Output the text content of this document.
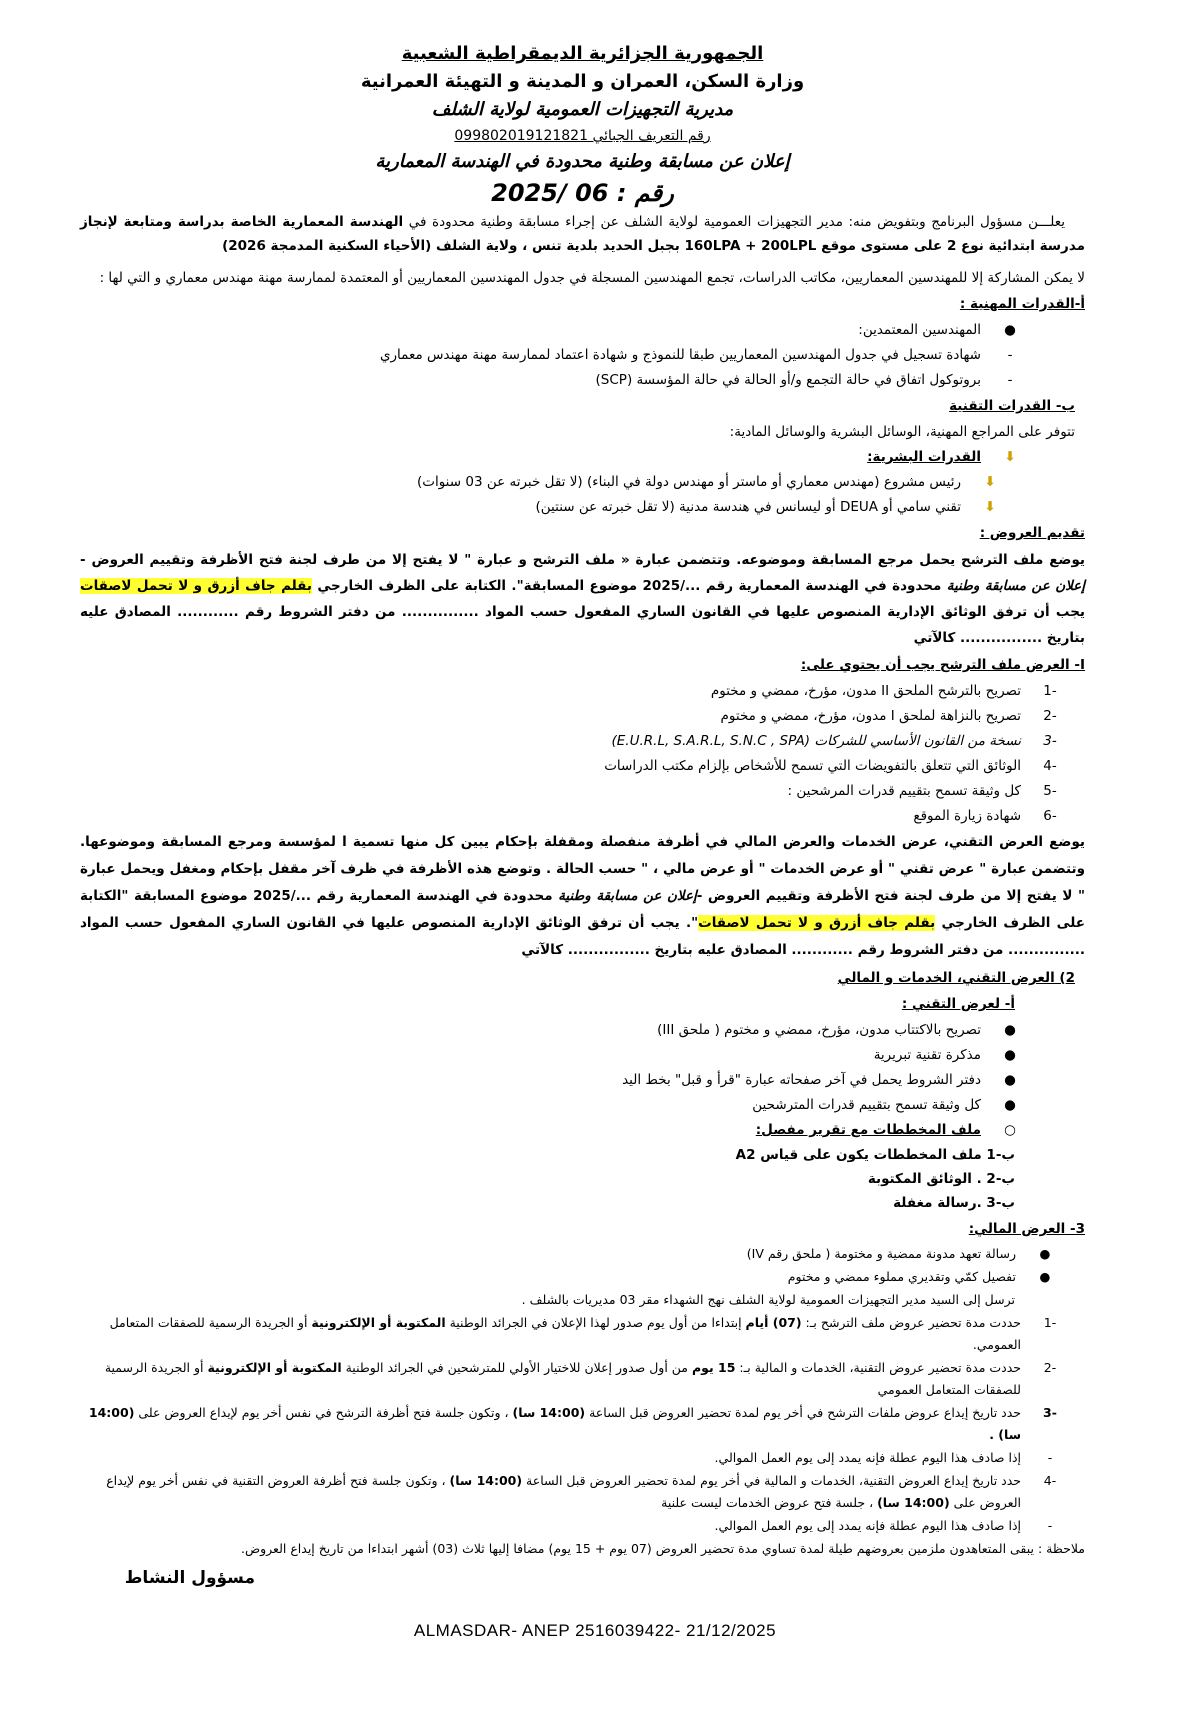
الجمهورية الجزائرية الديمقراطية الشعبية
وزارة السكن، العمران و المدينة و التهيئة العمرانية
مديرية التجهيزات العمومية لولاية الشلف
رقم التعريف الجبائي 099802019121821
إعلان عن مسابقة وطنية محدودة في الهندسة المعمارية
رقم : 06 /2025
يعلـــن مسؤول البرنامج وبتفويض منه: مدير التجهيزات العمومية لولاية الشلف عن إجراء مسابقة وطنية محدودة في الهندسة المعمارية الخاصة بدراسة ومتابعة لإنجاز مدرسة ابتدائية نوع 2 على مستوى موقع 160LPA + 200LPL بجبل الحديد بلدية تنس ، ولاية الشلف (الأحياء السكنية المدمجة 2026)
لا يمكن المشاركة إلا للمهندسين المعماريين، مكاتب الدراسات، تجمع المهندسين المسجلة في جدول المهندسين المعماريين أو المعتمدة لممارسة مهنة مهندس معماري و التي لها :
أ-القدرات المهنية :
●
المهندسين المعتمدين:
-
شهادة تسجيل في جدول المهندسين المعماريين طبقا للنموذج و شهادة اعتماد لممارسة مهنة مهندس معماري
-
بروتوكول اتفاق في حالة التجمع و/أو الحالة في حالة المؤسسة (SCP)
ب- القدرات التقنية
تتوفر على المراجع المهنية، الوسائل البشرية والوسائل المادية:
⬇
القدرات البشرية:
⬇
رئيس مشروع (مهندس معماري أو ماستر أو مهندس دولة في البناء) (لا تقل خبرته عن 03 سنوات)
⬇
تقني سامي أو DEUA أو ليسانس في هندسة مدنية (لا تقل خبرته عن سنتين)
تقديم العروض :
يوضع ملف الترشح يحمل مرجع المسابقة وموضوعه. وتتضمن عبارة « ملف الترشح و عبارة " لا يفتح إلا من طرف لجنة فتح الأظرفة وتقييم العروض - إعلان عن مسابقة وطنية محدودة في الهندسة المعمارية رقم .../2025 موضوع المسابقة". الكتابة على الظرف الخارجي بقلم جاف أزرق و لا تحمل لاصقات يجب أن ترفق الوثائق الإدارية المنصوص عليها في القانون الساري المفعول حسب المواد ............... من دفتر الشروط رقم ............ المصادق عليه بتاريخ ................ كالآتي
I- العرض ملف الترشح يجب أن يحتوي على:
-1
تصريح بالترشح الملحق II مدون، مؤرخ، ممضي و مختوم
-2
تصريح بالنزاهة لملحق I مدون، مؤرخ، ممضي و مختوم
-3
نسخة من القانون الأساسي للشركات (E.U.R.L, S.A.R.L, S.N.C , SPA)
-4
الوثائق التي تتعلق بالتفويضات التي تسمح للأشخاص بإلزام مكتب الدراسات
-5
كل وثيقة تسمح بتقييم قدرات المرشحين :
-6
شهادة زيارة الموقع
يوضع العرض التقني، عرض الخدمات والعرض المالي في أظرفة منفصلة ومقفلة بإحكام يبين كل منها تسمية ا لمؤسسة ومرجع المسابقة وموضوعها. وتتضمن عبارة " عرض تقني " أو عرض الخدمات " أو عرض مالي ، " حسب الحالة . وتوضع هذه الأظرفة في ظرف آخر مقفل بإحكام ومغفل ويحمل عبارة " لا يفتح إلا من طرف لجنة فتح الأظرفة وتقييم العروض -إعلان عن مسابقة وطنية محدودة في الهندسة المعمارية رقم .../2025 موضوع المسابقة "الكتابة على الظرف الخارجي بقلم جاف أزرق و لا تحمل لاصقات". يجب أن ترفق الوثائق الإدارية المنصوص عليها في القانون الساري المفعول حسب المواد ............... من دفتر الشروط رقم ............ المصادق عليه بتاريخ ................ كالآتي
2) العرض التقني، الخدمات و المالي
أ- لعرض التقني :
●
تصريح بالاكتتاب مدون، مؤرخ، ممضي و مختوم ( ملحق III)
●
مذكرة تقنية تبريرية
●
دفتر الشروط يحمل في آخر صفحاته عبارة "قرأ و قبل" بخط اليد
●
كل وثيقة تسمح بتقييم قدرات المترشحين
○
ملف المخططات مع تقرير مفصل:
ب-1 ملف المخططات يكون على قياس A2
ب-2 . الوثائق المكتوبة
ب-3 .رسالة مغفلة
3- العرض المالي:
●
رسالة تعهد مدونة ممضية و مختومة ( ملحق رقم IV)
●
تفصيل كمّي وتقديري مملوء ممضي و مختوم
ترسل إلى السيد مدير التجهيزات العمومية لولاية الشلف نهج الشهداء مقر 03 مديريات بالشلف .
-1
حددت مدة تحضير عروض ملف الترشح بـ: (07) أيام إبتداءا من أول يوم صدور لهذا الإعلان في الجرائد الوطنية المكتوبة أو الإلكترونية أو الجريدة الرسمية للصفقات المتعامل العمومي.
-2
حددت مدة تحضير عروض التقنية، الخدمات و المالية بـ: 15 يوم من أول صدور إعلان للاختيار الأولي للمترشحين في الجرائد الوطنية المكتوبة أو الإلكترونية أو الجريدة الرسمية للصفقات المتعامل العمومي
-3
حدد تاريخ إيداع عروض ملفات الترشح في أخر يوم لمدة تحضير العروض قبل الساعة (14:00 سا) ، وتكون جلسة فتح أظرفة الترشح في نفس أخر يوم لإيداع العروض على (14:00 سا) .
-
إذا صادف هذا اليوم عطلة فإنه يمدد إلى يوم العمل الموالي.
-4
حدد تاريخ إيداع العروض التقنية، الخدمات و المالية في أخر يوم لمدة تحضير العروض قبل الساعة (14:00 سا) ، وتكون جلسة فتح أظرفة العروض التقنية في نفس أخر يوم لإيداع العروض على (14:00 سا) ، جلسة فتح عروض الخدمات ليست علنية
-
إذا صادف هذا اليوم عطلة فإنه يمدد إلى يوم العمل الموالي.
ملاحظة : يبقى المتعاهدون ملزمين بعروضهم طيلة لمدة تساوي مدة تحضير العروض (07 يوم + 15 يوم) مضافا إليها ثلاث (03) أشهر ابتداءا من تاريخ إيداع العروض.
مسؤول النشاط
ALMASDAR- ANEP 2516039422- 21/12/2025
